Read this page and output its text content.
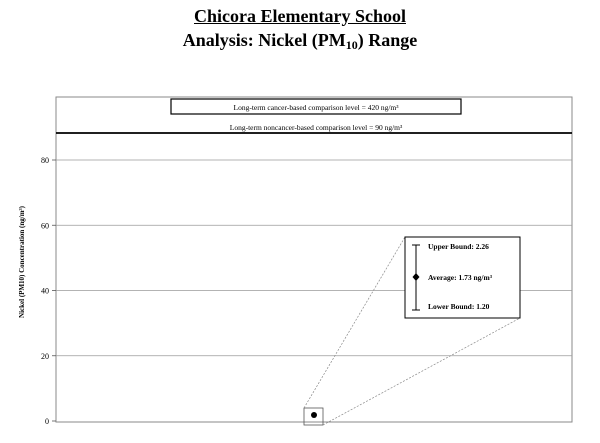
Chicora Elementary School
Analysis: Nickel $(PM_{10})$ Range
0
20
40
60
80
Nickel (PM10) Concentration (ng/m³)
Long-term cancer-based comparison level = 420 ng/m³
Long-term noncancer-based comparison level = 90 ng/m³
Upper Bound: 2.26
Average: 1.73 ng/m³
Lower Bound: 1.20
